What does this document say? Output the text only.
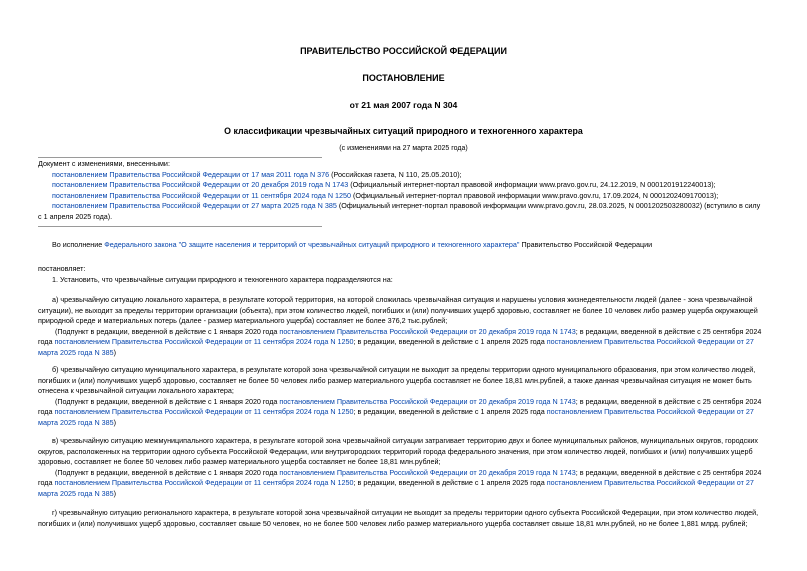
ПРАВИТЕЛЬСТВО РОССИЙСКОЙ ФЕДЕРАЦИИ
ПОСТАНОВЛЕНИЕ
от 21 мая 2007 года N 304
О классификации чрезвычайных ситуаций природного и техногенного характера
(с изменениями на 27 марта 2025 года)
Документ с изменениями, внесенными:
постановлением Правительства Российской Федерации от 17 мая 2011 года N 376 (Российская газета, N 110, 25.05.2010);
постановлением Правительства Российской Федерации от 20 декабря 2019 года N 1743 (Официальный интернет-портал правовой информации www.pravo.gov.ru, 24.12.2019, N 0001201912240013);
постановлением Правительства Российской Федерации от 11 сентября 2024 года N 1250 (Официальный интернет-портал правовой информации www.pravo.gov.ru, 17.09.2024, N 0001202409170013);
постановлением Правительства Российской Федерации от 27 марта 2025 года N 385 (Официальный интернет-портал правовой информации www.pravo.gov.ru, 28.03.2025, N 0001202503280032) (вступило в силу
с 1 апреля 2025 года).
Во исполнение Федерального закона "О защите населения и территорий от чрезвычайных ситуаций природного и техногенного характера" Правительство Российской Федерации
постановляет:
1. Установить, что чрезвычайные ситуации природного и техногенного характера подразделяются на:
а) чрезвычайную ситуацию локального характера, в результате которой территория, на которой сложилась чрезвычайная ситуация и нарушены условия жизнедеятельности людей (далее - зона чрезвычайной
ситуации), не выходит за пределы территории организации (объекта), при этом количество людей, погибших и (или) получивших ущерб здоровью, составляет не более 10 человек либо размер ущерба окружающей
природной среде и материальных потерь (далее - размер материального ущерба) составляет не более 376,2 тыс.рублей;
(Подпункт в редакции, введенной в действие с 1 января 2020 года постановлением Правительства Российской Федерации от 20 декабря 2019 года N 1743; в редакции, введенной в действие с 25 сентября 2024
года постановлением Правительства Российской Федерации от 11 сентября 2024 года N 1250; в редакции, введенной в действие с 1 апреля 2025 года постановлением Правительства Российской Федерации от 27
марта 2025 года N 385)
б) чрезвычайную ситуацию муниципального характера, в результате которой зона чрезвычайной ситуации не выходит за пределы территории одного муниципального образования, при этом количество людей,
погибших и (или) получивших ущерб здоровью, составляет не более 50 человек либо размер материального ущерба составляет не более 18,81 млн.рублей, а также данная чрезвычайная ситуация не может быть
отнесена к чрезвычайной ситуации локального характера;
(Подпункт в редакции, введенной в действие с 1 января 2020 года постановлением Правительства Российской Федерации от 20 декабря 2019 года N 1743; в редакции, введенной в действие с 25 сентября 2024
года постановлением Правительства Российской Федерации от 11 сентября 2024 года N 1250; в редакции, введенной в действие с 1 апреля 2025 года постановлением Правительства Российской Федерации от 27
марта 2025 года N 385)
в) чрезвычайную ситуацию межмуниципального характера, в результате которой зона чрезвычайной ситуации затрагивает территорию двух и более муниципальных районов, муниципальных округов, городских
округов, расположенных на территории одного субъекта Российской Федерации, или внутригородских территорий города федерального значения, при этом количество людей, погибших и (или) получивших ущерб
здоровью, составляет не более 50 человек либо размер материального ущерба составляет не более 18,81 млн.рублей;
(Подпункт в редакции, введенной в действие с 1 января 2020 года постановлением Правительства Российской Федерации от 20 декабря 2019 года N 1743; в редакции, введенной в действие с 25 сентября 2024
года постановлением Правительства Российской Федерации от 11 сентября 2024 года N 1250; в редакции, введенной в действие с 1 апреля 2025 года постановлением Правительства Российской Федерации от 27
марта 2025 года N 385)
г) чрезвычайную ситуацию регионального характера, в результате которой зона чрезвычайной ситуации не выходит за пределы территории одного субъекта Российской Федерации, при этом количество людей,
погибших и (или) получивших ущерб здоровью, составляет свыше 50 человек, но не более 500 человек либо размер материального ущерба составляет свыше 18,81 млн.рублей, но не более 1,881 млрд. рублей;
